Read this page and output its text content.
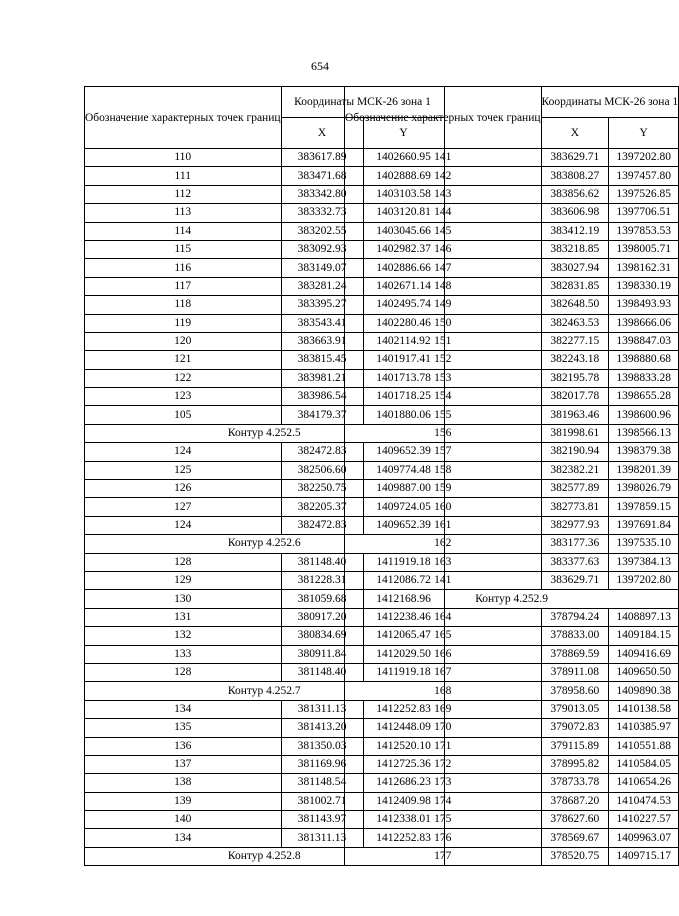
654
Обозначение характерных точек границ	Координаты МСК-26 зона 1	
	X	Y
110	383617.89	1402660.95
111	383471.68	1402888.69
112	383342.80	1403103.58
113	383332.73	1403120.81
114	383202.55	1403045.66
115	383092.93	1402982.37
116	383149.07	1402886.66
117	383281.24	1402671.14
118	383395.27	1402495.74
119	383543.41	1402280.46
120	383663.91	1402114.92
121	383815.45	1401917.41
122	383981.21	1401713.78
123	383986.54	1401718.25
105	384179.37	1401880.06
Контур 4.252.5		
124	382472.83	1409652.39
125	382506.60	1409774.48
126	382250.75	1409887.00
127	382205.37	1409724.05
124	382472.83	1409652.39
Контур 4.252.6		
128	381148.40	1411919.18
129	381228.31	1412086.72
130	381059.68	1412168.96
131	380917.20	1412238.46
132	380834.69	1412065.47
133	380911.84	1412029.50
128	381148.40	1411919.18
Контур 4.252.7		
134	381311.13	1412252.83
135	381413.20	1412448.09
136	381350.03	1412520.10
137	381169.96	1412725.36
138	381148.54	1412686.23
139	381002.71	1412409.98
140	381143.97	1412338.01
134	381311.13	1412252.83
Контур 4.252.8		
Обозначение характерных точек границ	Координаты МСК-26 зона 1	
	X	Y
141	383629.71	1397202.80
142	383808.27	1397457.80
143	383856.62	1397526.85
144	383606.98	1397706.51
145	383412.19	1397853.53
146	383218.85	1398005.71
147	383027.94	1398162.31
148	382831.85	1398330.19
149	382648.50	1398493.93
150	382463.53	1398666.06
151	382277.15	1398847.03
152	382243.18	1398880.68
153	382195.78	1398833.28
154	382017.78	1398655.28
155	381963.46	1398600.96
156	381998.61	1398566.13
157	382190.94	1398379.38
158	382382.21	1398201.39
159	382577.89	1398026.79
160	382773.81	1397859.15
161	382977.93	1397691.84
162	383177.36	1397535.10
163	383377.63	1397384.13
141	383629.71	1397202.80
Контур 4.252.9		
164	378794.24	1408897.13
165	378833.00	1409184.15
166	378869.59	1409416.69
167	378911.08	1409650.50
168	378958.60	1409890.38
169	379013.05	1410138.58
170	379072.83	1410385.97
171	379115.89	1410551.88
172	378995.82	1410584.05
173	378733.78	1410654.26
174	378687.20	1410474.53
175	378627.60	1410227.57
176	378569.67	1409963.07
177	378520.75	1409715.17
